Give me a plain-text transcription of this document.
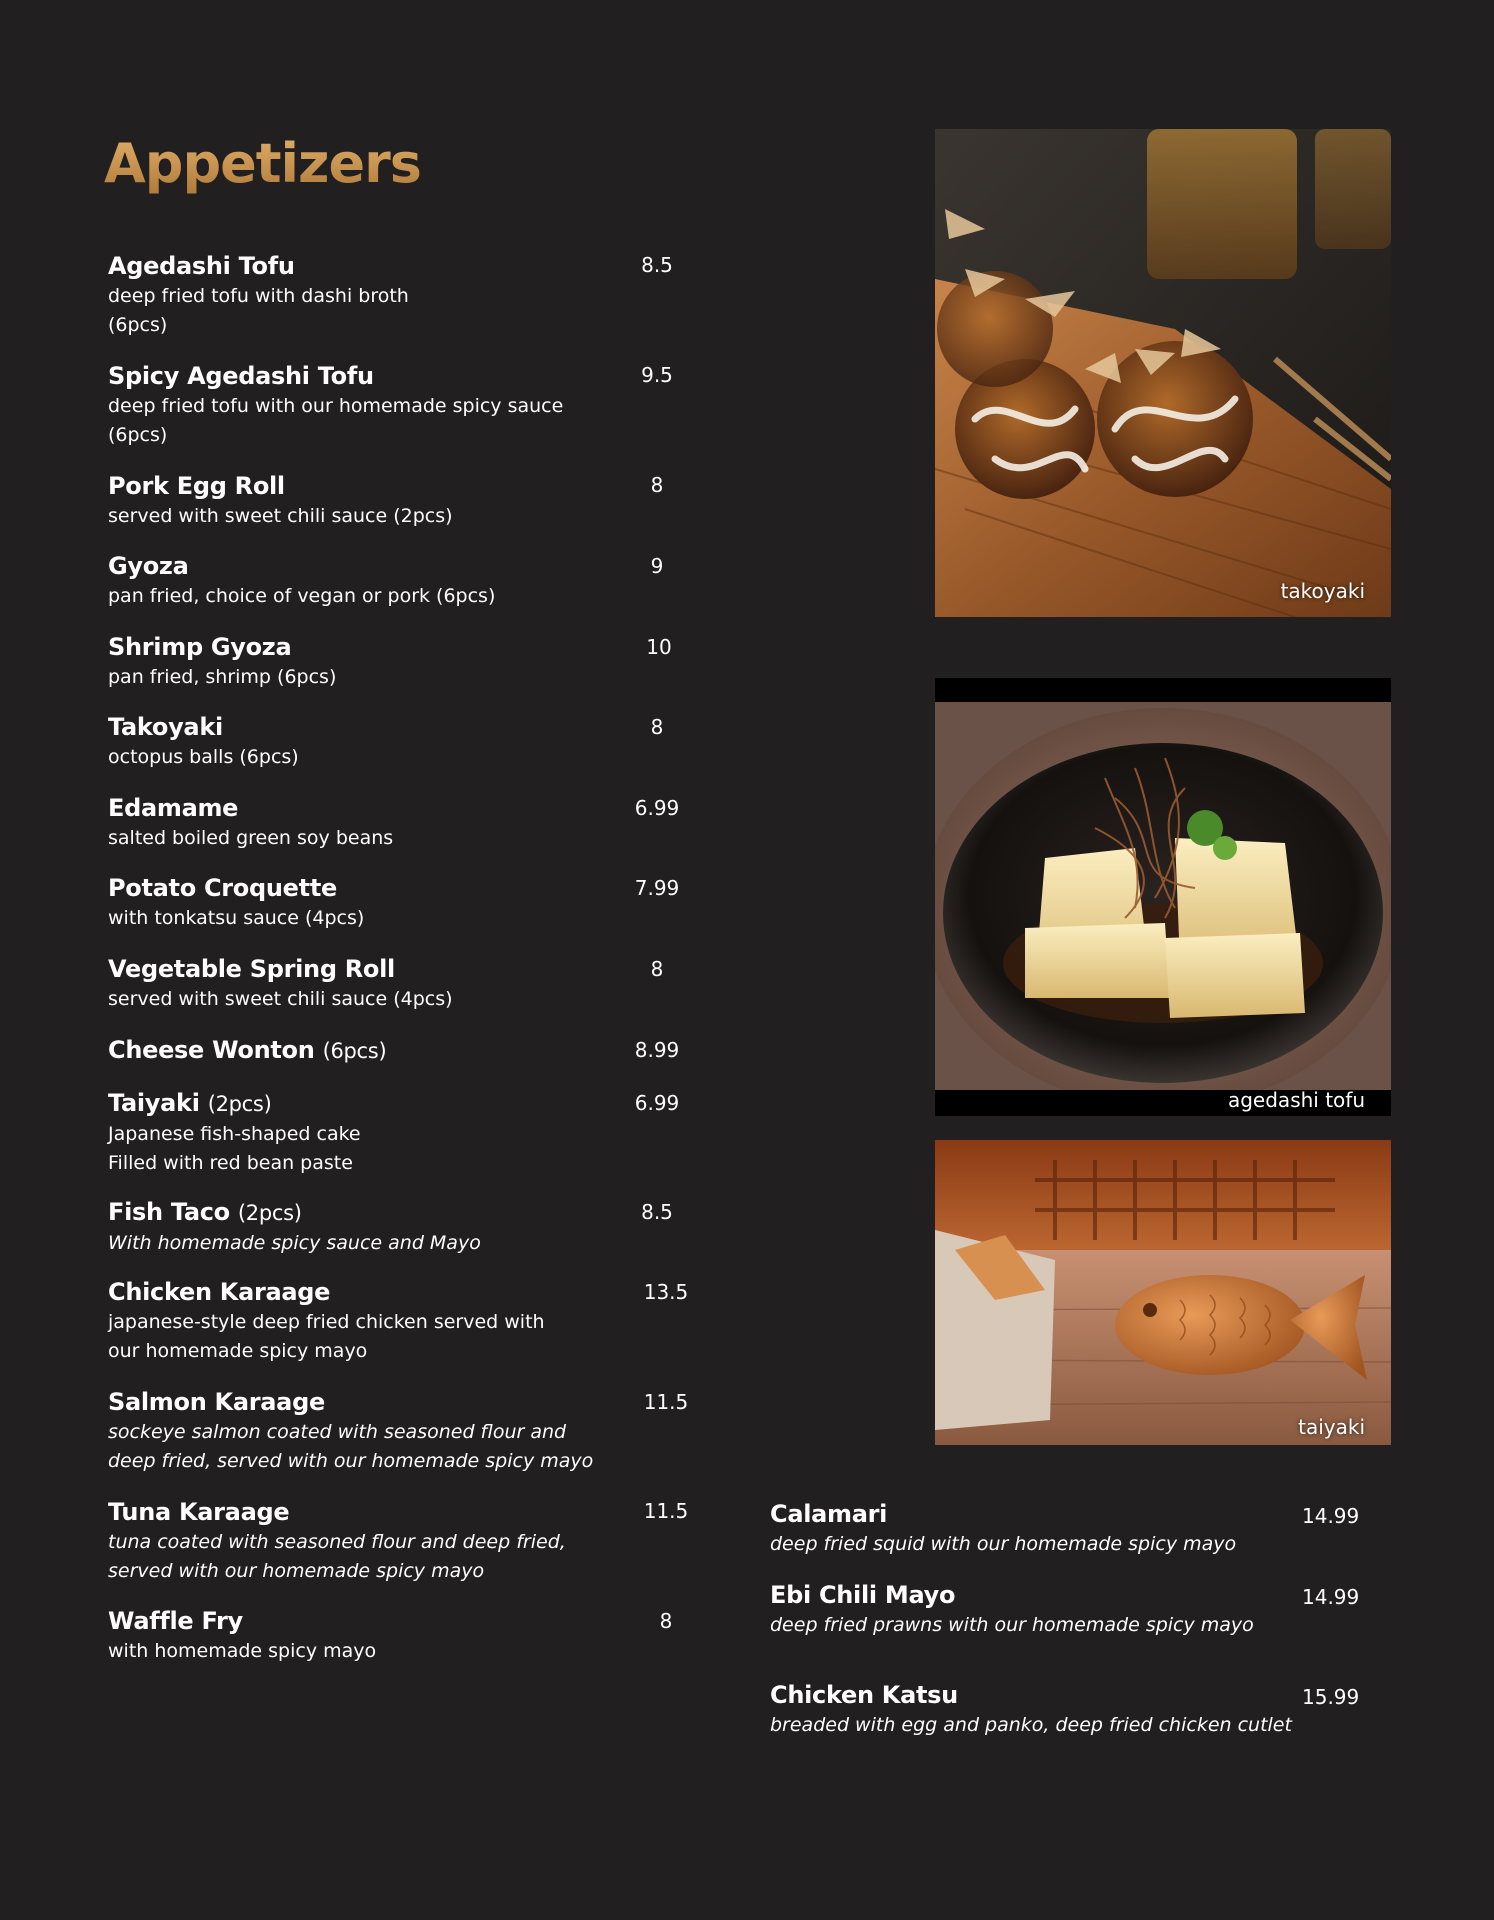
Appetizers
Agedashi Tofu
deep fried tofu with dashi broth
(6pcs)
8.5
Spicy Agedashi Tofu
deep fried tofu with our homemade spicy sauce
(6pcs)
9.5
Pork Egg Roll
served with sweet chili sauce (2pcs)
8
Gyoza
pan fried, choice of vegan or pork (6pcs)
9
Shrimp Gyoza
pan fried, shrimp (6pcs)
10
Takoyaki
octopus balls (6pcs)
8
Edamame
salted boiled green soy beans
6.99
Potato Croquette
with tonkatsu sauce (4pcs)
7.99
Vegetable Spring Roll
served with sweet chili sauce (4pcs)
8
Cheese Wonton (6pcs)	8.99
Taiyaki (2pcs)
Japanese fish-shaped cake
Filled with red bean paste
6.99
Fish Taco (2pcs)
With homemade spicy sauce and Mayo
8.5
Chicken Karaage
japanese-style deep fried chicken served with
our homemade spicy mayo
13.5
Salmon Karaage
sockeye salmon coated with seasoned flour and
deep fried, served with our homemade spicy mayo
11.5
Tuna Karaage
tuna coated with seasoned flour and deep fried,
served with our homemade spicy mayo
11.5
Waffle Fry
with homemade spicy mayo
8
Calamari
deep fried squid with our homemade spicy mayo
14.99
Ebi Chili Mayo
deep fried prawns with our homemade spicy mayo
14.99
Chicken Katsu
breaded with egg and panko, deep fried chicken cutlet
15.99
takoyaki
agedashi tofu
taiyaki
